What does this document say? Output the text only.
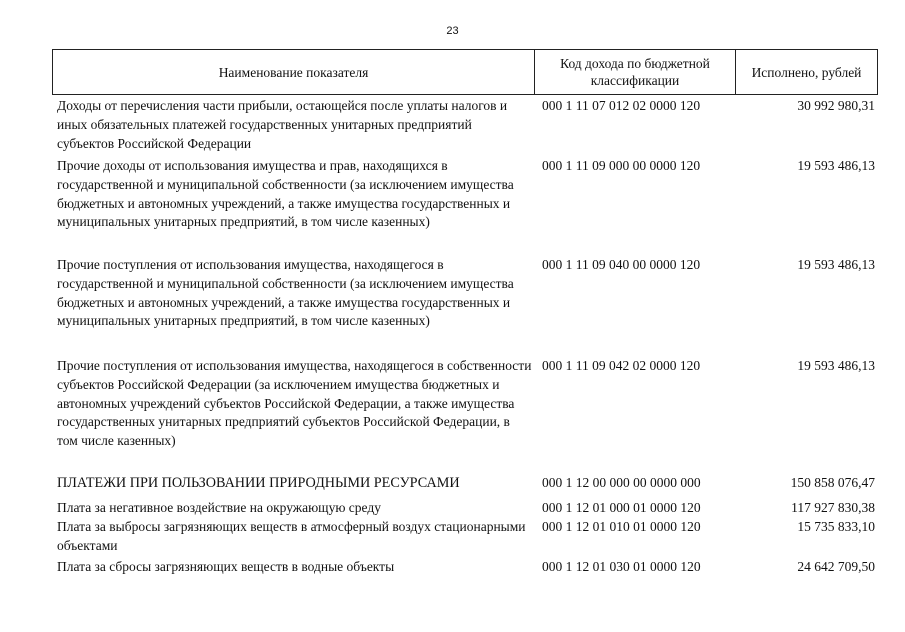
23
Наименование показателя
Код дохода по бюджетной классификации
Исполнено, рублей
Доходы от перечисления части прибыли, остающейся после уплаты налогов и иных обязательных платежей государственных унитарных предприятий субъектов Российской Федерации
000 1 11 07 012 02 0000 120	30 992 980,31
Прочие доходы от использования имущества и прав, находящихся в государственной и муниципальной собственности (за исключением имущества бюджетных и автономных учреждений, а также имущества государственных и муниципальных унитарных предприятий, в том числе казенных)
000 1 11 09 000 00 0000 120	19 593 486,13
Прочие поступления от использования имущества, находящегося в государственной и муниципальной собственности (за исключением имущества бюджетных и автономных учреждений, а также имущества государственных и муниципальных унитарных предприятий, в том числе казенных)
000 1 11 09 040 00 0000 120	19 593 486,13
Прочие поступления от использования имущества, находящегося в собственности субъектов Российской Федерации (за исключением имущества бюджетных и автономных учреждений субъектов Российской Федерации, а также имущества государственных унитарных предприятий субъектов Российской Федерации, в том числе казенных)
000 1 11 09 042 02 0000 120	19 593 486,13
ПЛАТЕЖИ ПРИ ПОЛЬЗОВАНИИ ПРИРОДНЫМИ РЕСУРСАМИ	000 1 12 00 000 00 0000 000	150 858 076,47
Плата за негативное воздействие на окружающую среду	000 1 12 01 000 01 0000 120	117 927 830,38
Плата за выбросы загрязняющих веществ в атмосферный воздух стационарными объектами
000 1 12 01 010 01 0000 120	15 735 833,10
Плата за сбросы загрязняющих веществ в водные объекты	000 1 12 01 030 01 0000 120	24 642 709,50
